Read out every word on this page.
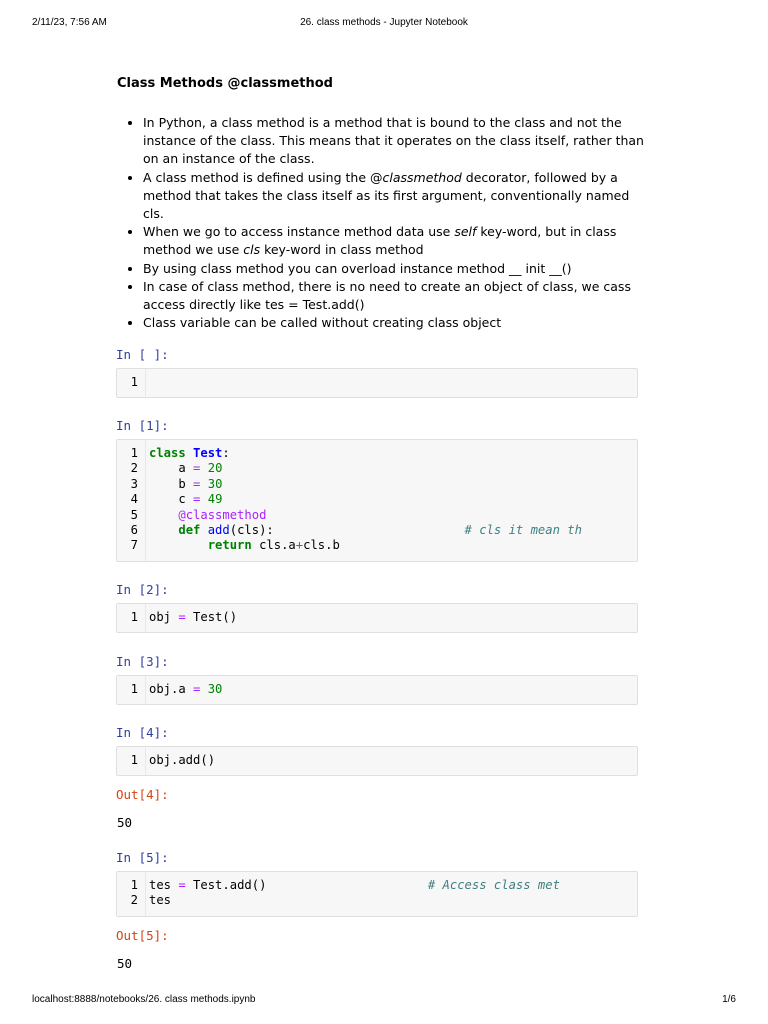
2/11/23, 7:56 AM	26. class methods - Jupyter Notebook
Class Methods @classmethod
• In Python, a class method is a method that is bound to the class and not the instance of the class. This means that it operates on the class itself, rather than on an instance of the class.
• A class method is defined using the @classmethod decorator, followed by a method that takes the class itself as its first argument, conventionally named cls.
• When we go to access instance method data use self key-word, but in class method we use cls key-word in class method
• By using class method you can overload instance method __ init __()
• In case of class method, there is no need to create an object of class, we cass access directly like tes = Test.add()
• Class variable can be called without creating class object
In [ ]:
1

In [1]:
1 class Test:
2	a = 20
3	b = 30
4	c = 49
5	@classmethod
6	def add(cls):	# cls it mean th
7	return cls.a+cls.b
In [2]:
1 obj = Test()
In [3]:
1 obj.a = 30
In [4]:
1 obj.add()
Out[4]:
50
In [5]:
1 tes = Test.add()	# Access class met
2 tes
Out[5]:
50
localhost:8888/notebooks/26. class methods.ipynb	1/6
